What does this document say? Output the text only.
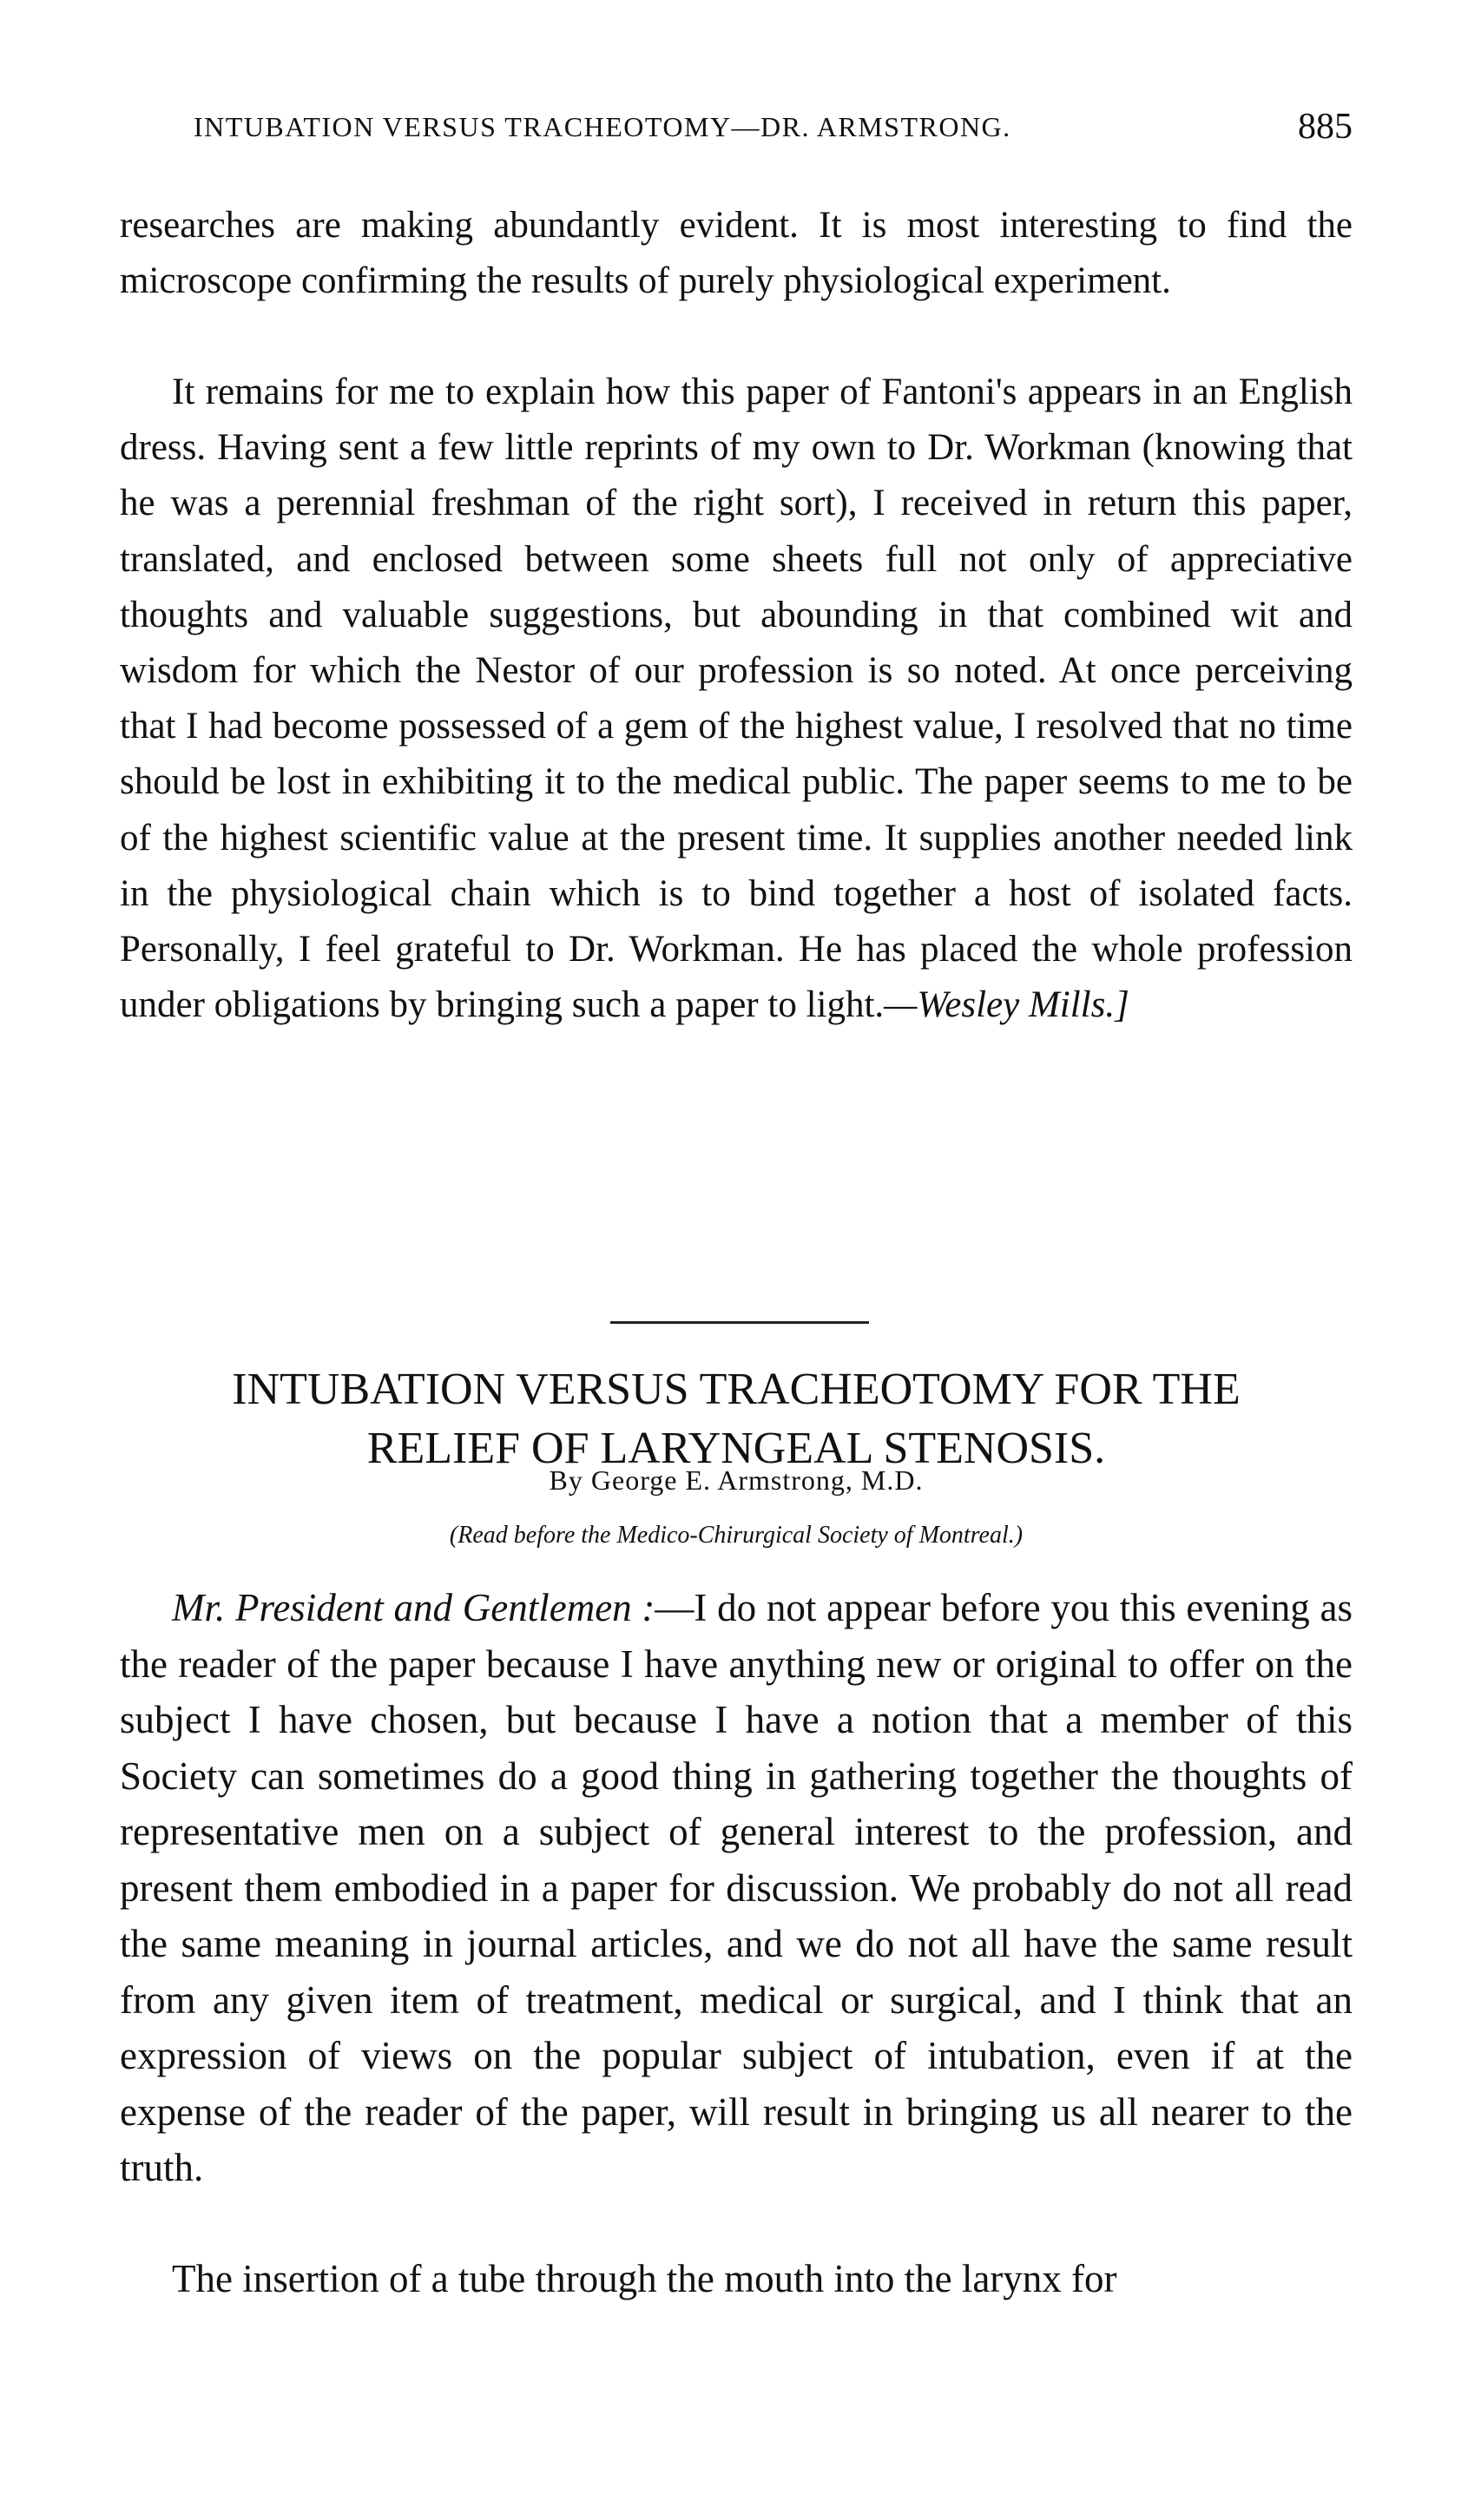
INTUBATION VERSUS TRACHEOTOMY—DR. ARMSTRONG.	885

researches are making abundantly evident. It is most interesting to find the microscope confirming the results of purely physiological experiment.

It remains for me to explain how this paper of Fantoni's appears in an English dress. Having sent a few little reprints of my own to Dr. Workman (knowing that he was a perennial freshman of the right sort), I received in return this paper, translated, and enclosed between some sheets full not only of appreciative thoughts and valuable suggestions, but abounding in that combined wit and wisdom for which the Nestor of our profession is so noted. At once perceiving that I had become possessed of a gem of the highest value, I resolved that no time should be lost in exhibiting it to the medical public. The paper seems to me to be of the highest scientific value at the present time. It supplies another needed link in the physiological chain which is to bind together a host of isolated facts. Personally, I feel grateful to Dr. Workman. He has placed the whole profession under obligations by bringing such a paper to light.—Wesley Mills.]

INTUBATION VERSUS TRACHEOTOMY FOR THE
RELIEF OF LARYNGEAL STENOSIS.
By George E. Armstrong, M.D.
(Read before the Medico-Chirurgical Society of Montreal.)

Mr. President and Gentlemen :—I do not appear before you this evening as the reader of the paper because I have anything new or original to offer on the subject I have chosen, but because I have a notion that a member of this Society can sometimes do a good thing in gathering together the thoughts of representative men on a subject of general interest to the profession, and present them embodied in a paper for discussion. We probably do not all read the same meaning in journal articles, and we do not all have the same result from any given item of treatment, medical or surgical, and I think that an expression of views on the popular subject of intubation, even if at the expense of the reader of the paper, will result in bringing us all nearer to the truth.

The insertion of a tube through the mouth into the larynx for
